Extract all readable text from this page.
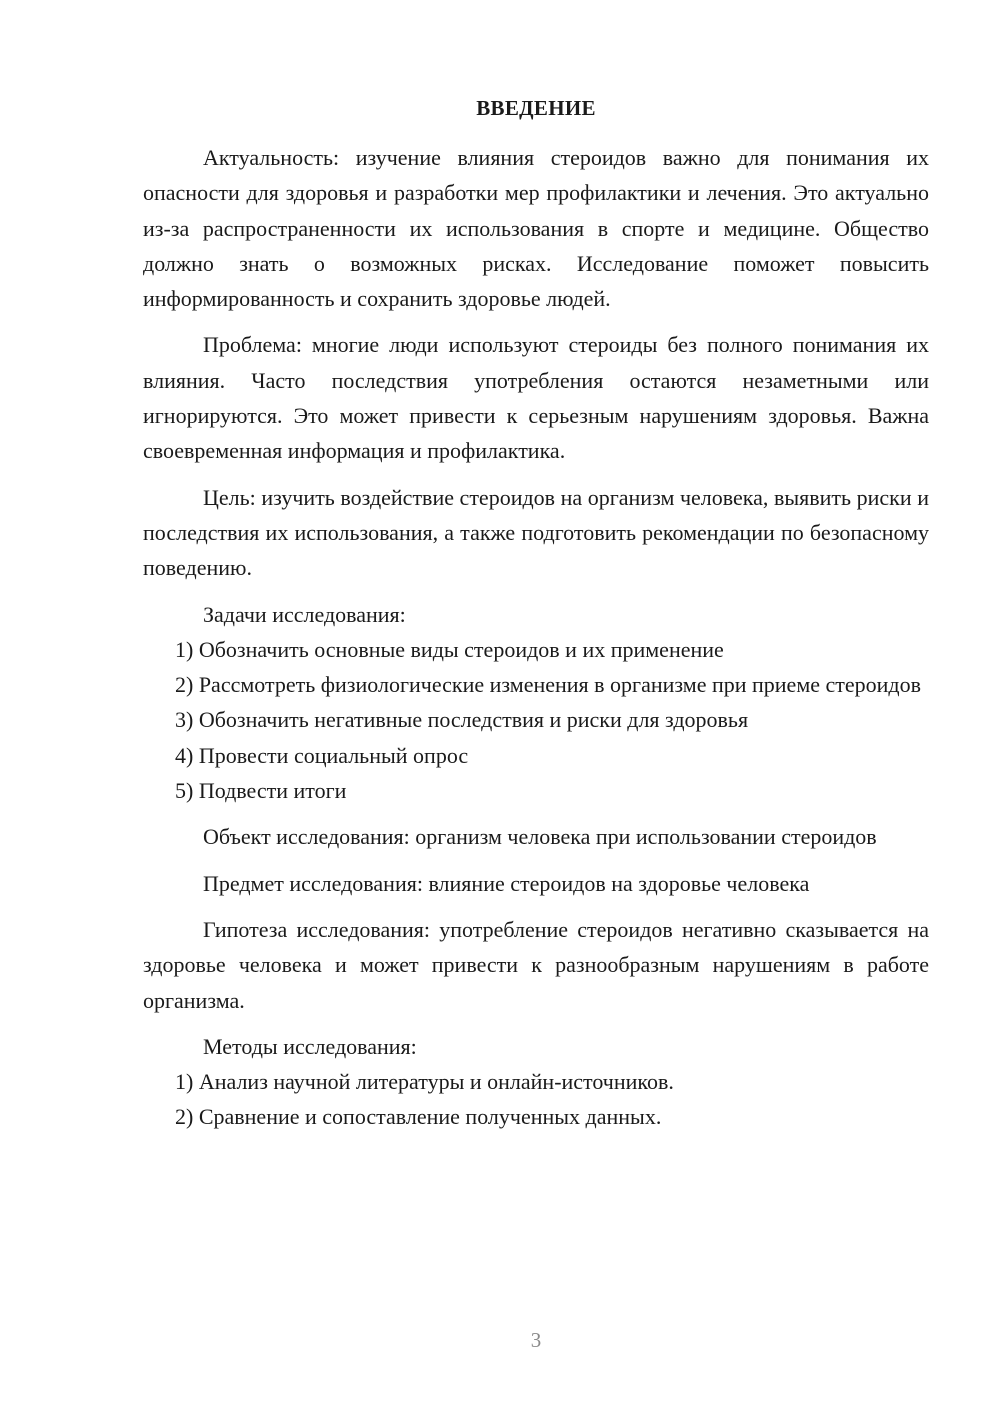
ВВЕДЕНИЕ

Актуальность: изучение влияния стероидов важно для понимания их опасности для здоровья и разработки мер профилактики и лечения. Это актуально из-за распространенности их использования в спорте и медицине. Общество должно знать о возможных рисках. Исследование поможет повысить информированность и сохранить здоровье людей.

Проблема: многие люди используют стероиды без полного понимания их влияния. Часто последствия употребления остаются незаметными или игнорируются. Это может привести к серьезным нарушениям здоровья. Важна своевременная информация и профилактика.

Цель: изучить воздействие стероидов на организм человека, выявить риски и последствия их использования, а также подготовить рекомендации по безопасному поведению.

Задачи исследования:

1) Обозначить основные виды стероидов и их применение

2) Рассмотреть физиологические изменения в организме при приеме стероидов

3) Обозначить негативные последствия и риски для здоровья

4) Провести социальный опрос

5) Подвести итоги

Объект исследования: организм человека при использовании стероидов

Предмет исследования: влияние стероидов на здоровье человека

Гипотеза исследования: употребление стероидов негативно сказывается на здоровье человека и может привести к разнообразным нарушениям в работе организма.

Методы исследования:

1) Анализ научной литературы и онлайн-источников.

2) Сравнение и сопоставление полученных данных.

3
